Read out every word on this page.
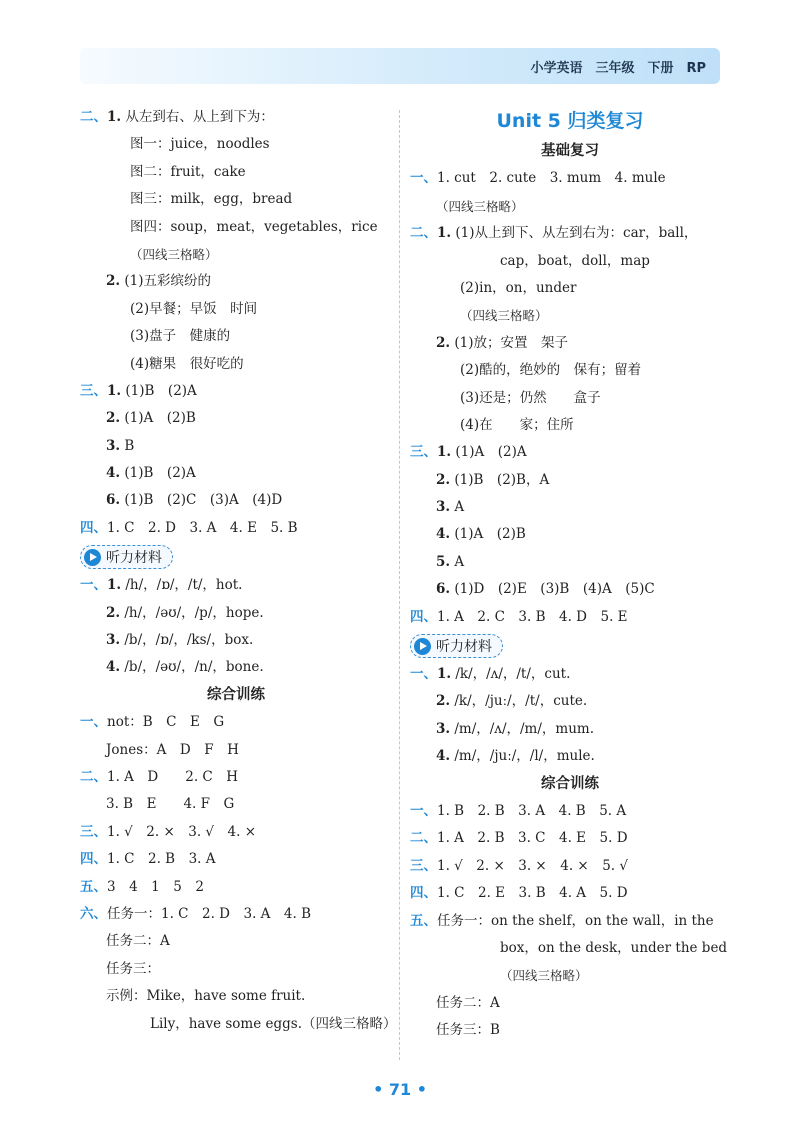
小学英语　三年级　下册　RP
二、1. 从左到右、从上到下为：
图一：juice，noodles
图二：fruit，cake
图三：milk，egg，bread
图四：soup，meat，vegetables，rice
（四线三格略）
2. (1)五彩缤纷的
(2)早餐；早饭　时间
(3)盘子　健康的
(4)糖果　很好吃的
三、1. (1)B　(2)A
2. (1)A　(2)B
3. B
4. (1)B　(2)A
6. (1)B　(2)C　(3)A　(4)D
四、1. C　2. D　3. A　4. E　5. B
听力材料
一、1. /h/，/ɒ/，/t/，hot.
2. /h/，/əʊ/，/p/，hope.
3. /b/，/ɒ/，/ks/，box.
4. /b/，/əʊ/，/n/，bone.
综合训练
一、not：B　C　E　G
Jones：A　D　F　H
二、1. A　D　　2. C　H
3. B　E　　4. F　G
三、1. √　2. ×　3. √　4. ×
四、1. C　2. B　3. A
五、3　4　1　5　2
六、任务一：1. C　2. D　3. A　4. B
任务二：A
任务三：
示例：Mike，have some fruit.
Lily，have some eggs.（四线三格略）
Unit 5 归类复习
基础复习
一、1. cut　2. cute　3. mum　4. mule
（四线三格略）
二、1. (1)从上到下、从左到右为：car，ball，
cap，boat，doll，map
(2)in，on，under
（四线三格略）
2. (1)放；安置　架子
(2)酷的，绝妙的　保有；留着
(3)还是；仍然　　盒子
(4)在　　家；住所
三、1. (1)A　(2)A
2. (1)B　(2)B，A
3. A
4. (1)A　(2)B
5. A
6. (1)D　(2)E　(3)B　(4)A　(5)C
四、1. A　2. C　3. B　4. D　5. E
听力材料
一、1. /k/，/ʌ/，/t/，cut.
2. /k/，/juː/，/t/，cute.
3. /m/，/ʌ/，/m/，mum.
4. /m/，/juː/，/l/，mule.
综合训练
一、1. B　2. B　3. A　4. B　5. A
二、1. A　2. B　3. C　4. E　5. D
三、1. √　2. ×　3. ×　4. ×　5. √
四、1. C　2. E　3. B　4. A　5. D
五、任务一：on the shelf，on the wall，in the
box，on the desk，under the bed
（四线三格略）
任务二：A
任务三：B
• 71 •
